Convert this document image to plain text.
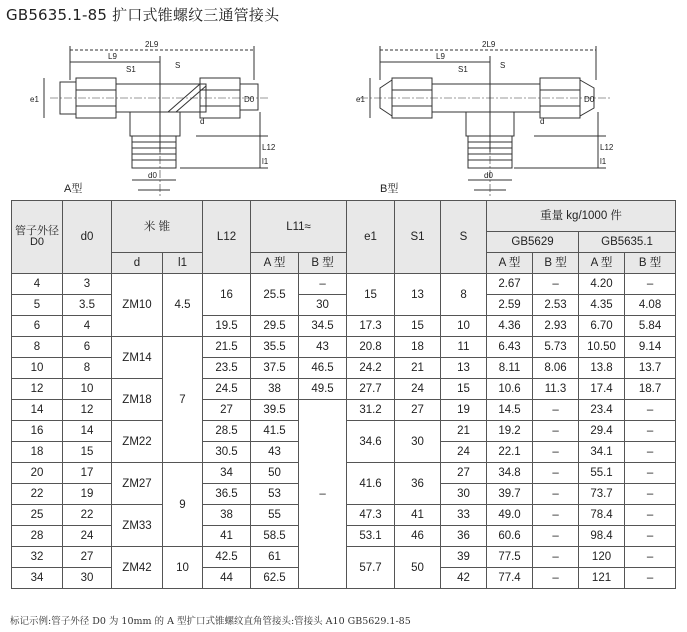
GB5635.1-85 扩口式锥螺纹三通管接头
2L9
L9
S1	S
e1	D0
d
L12
l1
d0
A型
2L9
L9
S1	S
e1	D0
d
L12
l1
d0
B型
管子外径D0	d0	米 锥		L12	L11≈		e1	S1	S	重量 kg/1000 件			
										GB5629		GB5635.1	
		d	l1		A 型	B 型				A 型	B 型	A 型	B 型
4	3	ZM10	4.5	16	25.5	–	15	13	8	2.67	–	4.20	–
5	3.5					30				2.59	2.53	4.35	4.08
6	4			19.5	29.5	34.5	17.3	15	10	4.36	2.93	6.70	5.84
8	6	ZM14	7	21.5	35.5	43	20.8	18	11	6.43	5.73	10.50	9.14
10	8			23.5	37.5	46.5	24.2	21	13	8.11	8.06	13.8	13.7
12	10	ZM18		24.5	38	49.5	27.7	24	15	10.6	11.3	17.4	18.7
14	12			27	39.5	–	31.2	27	19	14.5	–	23.4	–
16	14	ZM22		28.5	41.5		34.6	30	21	19.2	–	29.4	–
18	15			30.5	43				24	22.1	–	34.1	–
20	17	ZM27	9	34	50		41.6	36	27	34.8	–	55.1	–
22	19			36.5	53				30	39.7	–	73.7	–
25	22	ZM33		38	55		47.3	41	33	49.0	–	78.4	–
28	24			41	58.5		53.1	46	36	60.6	–	98.4	–
32	27	ZM42	10	42.5	61		57.7	50	39	77.5	–	120	–
34	30			44	62.5				42	77.4	–	121	–
标记示例:管子外径 D0 为 10mm 的 A 型扩口式锥螺纹直角管接头:管接头 A10 GB5629.1-85
